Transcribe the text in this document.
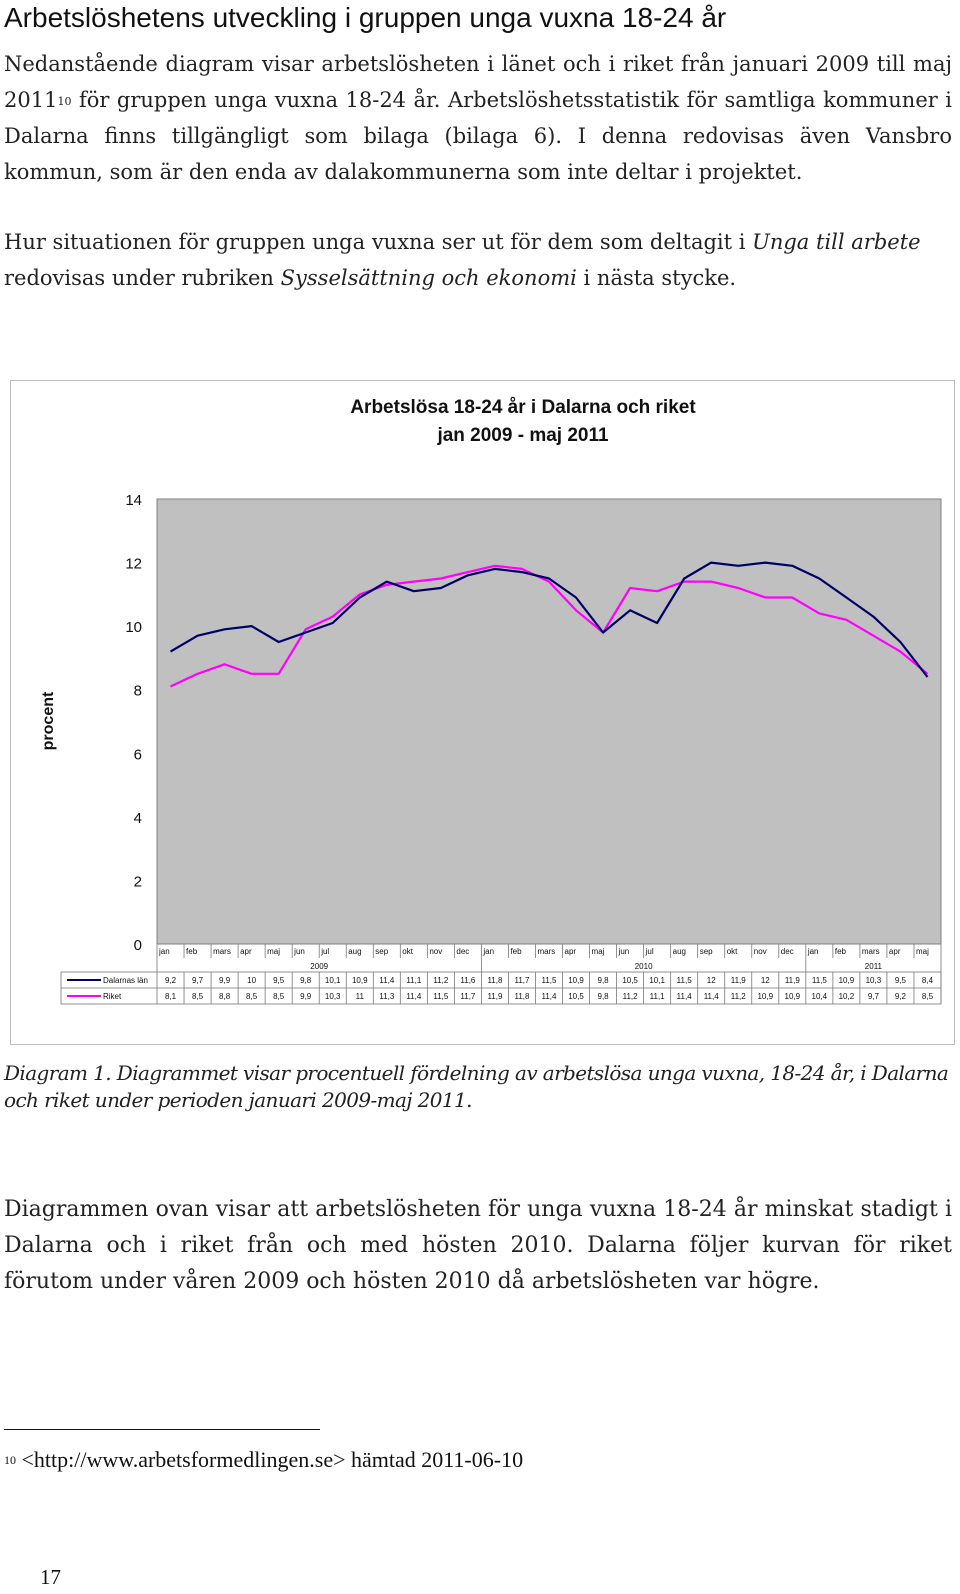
Arbetslöshetens utveckling i gruppen unga vuxna 18-24 år

Nedanstående diagram visar arbetslösheten i länet och i riket från januari 2009 till maj 2011$^{10}$ för gruppen unga vuxna 18-24 år. Arbetslöshetsstatistik för samtliga kommuner i Dalarna finns tillgängligt som bilaga (bilaga 6). I denna redovisas även Vansbro kommun, som är den enda av dalakommunerna som inte deltar i projektet.

Hur situationen för gruppen unga vuxna ser ut för dem som deltagit i Unga till arbete redovisas under rubriken Sysselsättning och ekonomi i nästa stycke.

Arbetslösa 18-24 år i Dalarna och riket
jan 2009 - maj 2011
0
2
4
6
8
10
12
14
procent
jan feb mars apr maj jun jul aug sep okt nov dec jan feb mars apr maj jun jul aug sep okt nov dec jan feb mars apr maj
2009	2010	2011
Dalarnas län 9,2 9,7 9,9 10 9,5 9,8 10,1 10,9 11,4 11,1 11,2 11,6 11,8 11,7 11,5 10,9 9,8 10,5 10,1 11,5 12 11,9 12 11,9 11,5 10,9 10,3 9,5 8,4
Riket	8,1 8,5 8,8 8,5 8,5 9,9 10,3 11 11,3 11,4 11,5 11,7 11,9 11,8 11,4 10,5 9,8 11,2 11,1 11,4 11,4 11,2 10,9 10,9 10,4 10,2 9,7 9,2 8,5

Diagram 1. Diagrammet visar procentuell fördelning av arbetslösa unga vuxna, 18-24 år, i Dalarna och riket under perioden januari 2009-maj 2011.

Diagrammen ovan visar att arbetslösheten för unga vuxna 18-24 år minskat stadigt i Dalarna och i riket från och med hösten 2010. Dalarna följer kurvan för riket förutom under våren 2009 och hösten 2010 då arbetslösheten var högre.

$^{10}$ <http://www.arbetsformedlingen.se> hämtad 2011-06-10
17
